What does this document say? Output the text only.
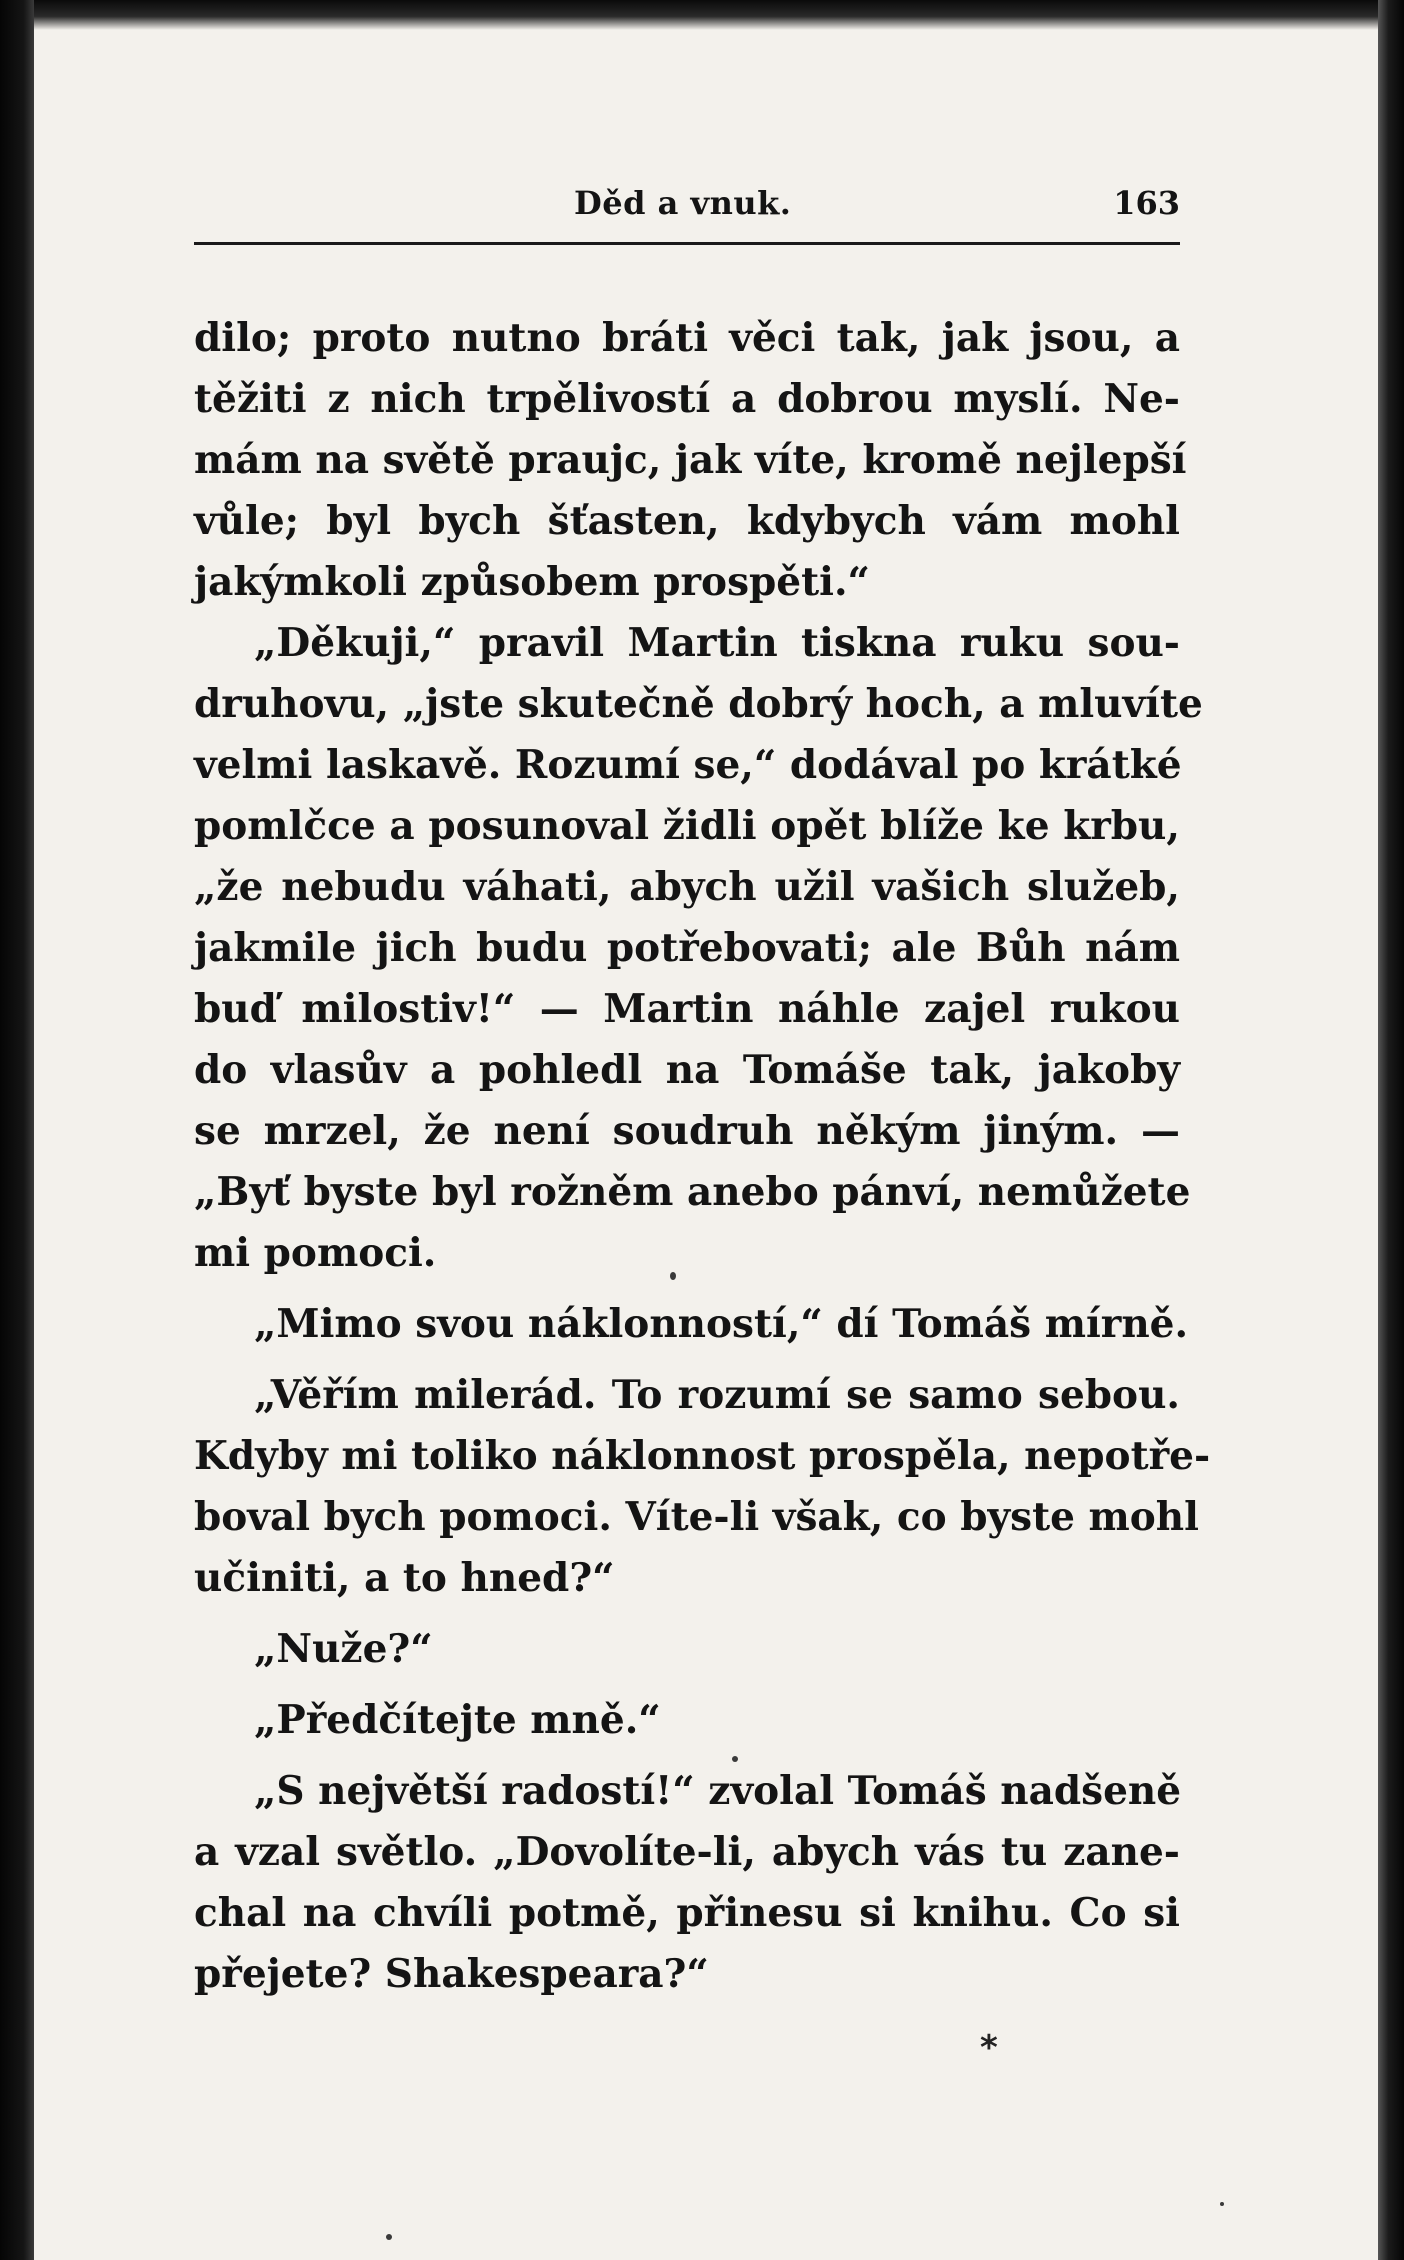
Děd a vnuk.	163
dilo; proto nutno bráti věci tak, jak jsou, a
těžiti z nich trpělivostí a dobrou myslí. Ne-
mám na světě praujc, jak víte, kromě nejlepší
vůle; byl bych šťasten, kdybych vám mohl
jakýmkoli způsobem prospěti.“
„Děkuji,“ pravil Martin tiskna ruku sou-
druhovu, „jste skutečně dobrý hoch, a mluvíte
velmi laskavě. Rozumí se,“ dodával po krátké
pomlčce a posunoval židli opět blíže ke krbu,
„že nebudu váhati, abych užil vašich služeb,
jakmile jich budu potřebovati; ale Bůh nám
buď milostiv!“ — Martin náhle zajel rukou
do vlasův a pohledl na Tomáše tak, jakoby
se mrzel, že není soudruh někým jiným. —
„Byť byste byl rožněm anebo pánví, nemůžete
mi pomoci.
„Mimo svou náklonností,“ dí Tomáš mírně.
„Věřím milerád. To rozumí se samo sebou.
Kdyby mi toliko náklonnost prospěla, nepotře-
boval bych pomoci. Víte-li však, co byste mohl
učiniti, a to hned?“
„Nuže?“
„Předčítejte mně.“
„S největší radostí!“ zvolal Tomáš nadšeně
a vzal světlo. „Dovolíte-li, abych vás tu zane-
chal na chvíli potmě, přinesu si knihu. Co si
přejete? Shakespeara?“
*
